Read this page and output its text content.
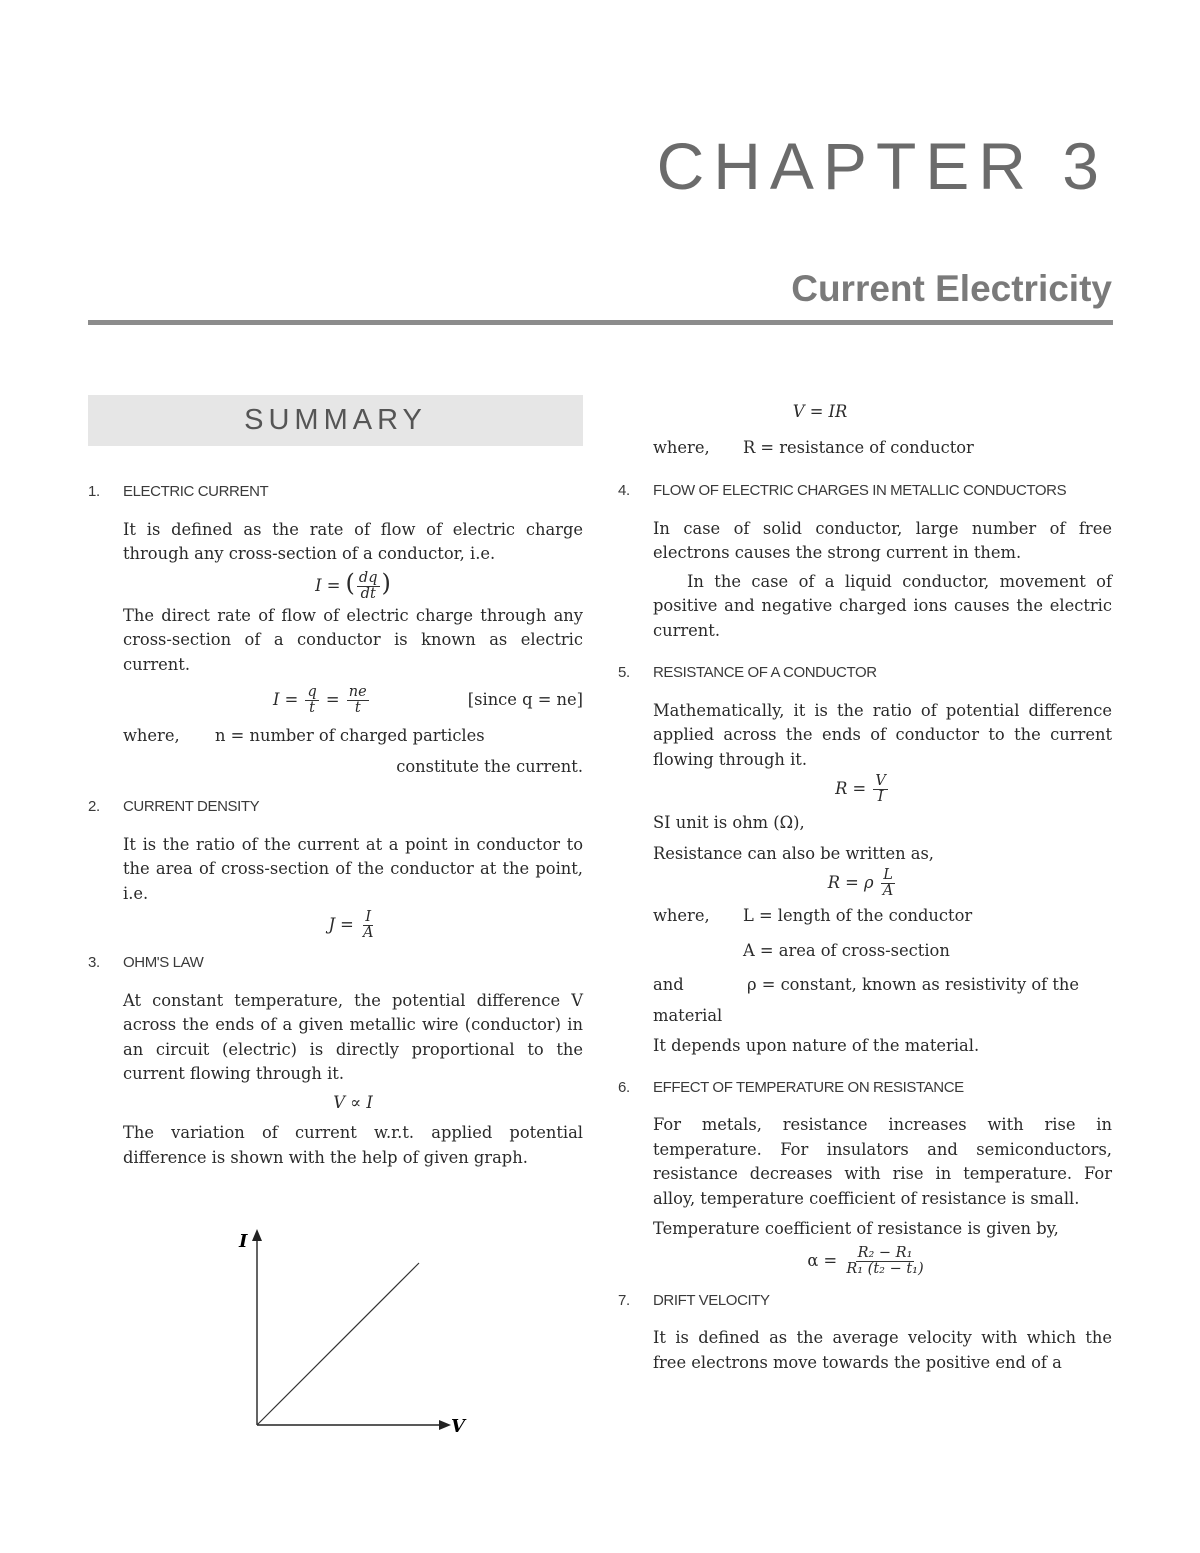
CHAPTER 3
Current Electricity
SUMMARY
1.	ELECTRIC CURRENT
It is defined as the rate of flow of electric charge through any cross-section of a conductor, i.e.
I = ( $\frac{dq}{dt}$ )
The direct rate of flow of electric charge through any cross-section of a conductor is known as electric current.
$I = \frac{q}{t} = \frac{ne}{t}$	[since q = ne]
where,	n = number of charged particles
constitute the current.
2.	CURRENT DENSITY
It is the ratio of the current at a point in conductor to the area of cross-section of the conductor at the point, i.e.
$J = \frac{I}{A}$
3.	OHM'S LAW
At constant temperature, the potential difference V across the ends of a given metallic wire (conductor) in an circuit (electric) is directly proportional to the current flowing through it.
V ∝ I
The variation of current w.r.t. applied potential difference is shown with the help of given graph.
I
V
V = IR
where,	R = resistance of conductor
4.	FLOW OF ELECTRIC CHARGES IN METALLIC CONDUCTORS
In case of solid conductor, large number of free electrons causes the strong current in them.
In the case of a liquid conductor, movement of positive and negative charged ions causes the electric current.
5.	RESISTANCE OF A CONDUCTOR
Mathematically, it is the ratio of potential difference applied across the ends of conductor to the current flowing through it.
$R = \frac{V}{I}$
SI unit is ohm (Ω),
Resistance can also be written as,
R = ρ $\frac{L}{A}$
where,	L = length of the conductor
A = area of cross-section
and	ρ = constant, known as resistivity of the
material
It depends upon nature of the material.
6.	EFFECT OF TEMPERATURE ON RESISTANCE
For metals, resistance increases with rise in temperature. For insulators and semiconductors, resistance decreases with rise in temperature. For alloy, temperature coefficient of resistance is small.
Temperature coefficient of resistance is given by,
$\alpha = \frac{\text{R₂ − R₁}}{\text{R₁ (t₂ − t₁)}}$
7.	DRIFT VELOCITY
It is defined as the average velocity with which the free electrons move towards the positive end of a
